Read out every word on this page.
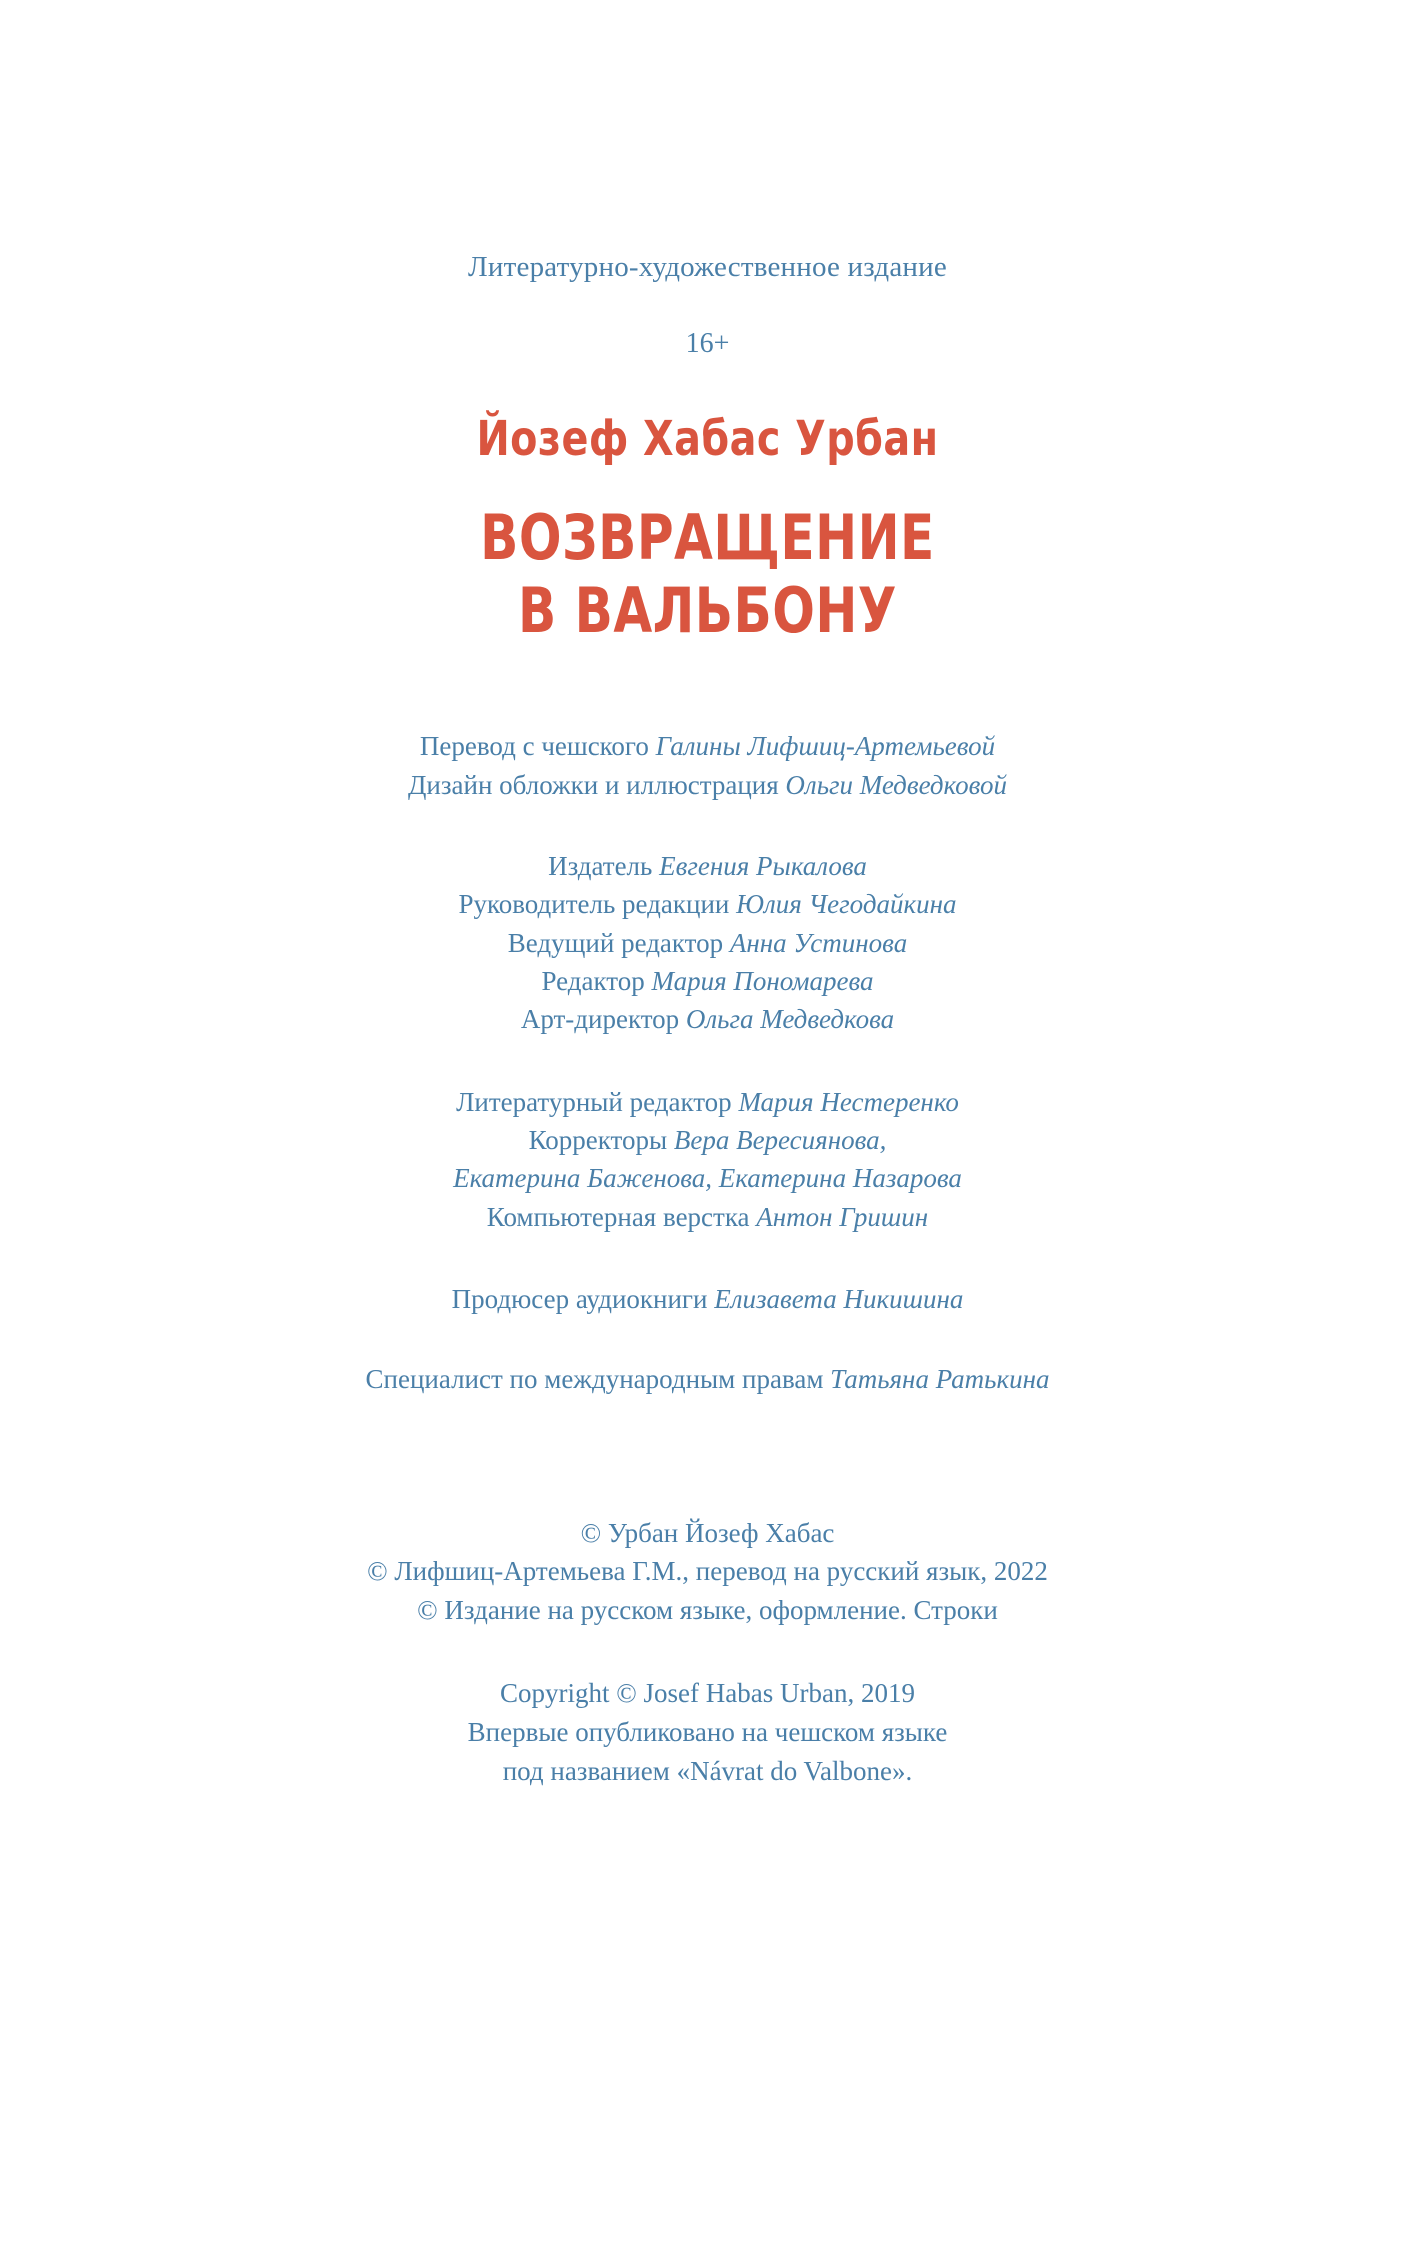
Литературно-художественное издание
16+
Йозеф Хабас Урбан
ВОЗВРАЩЕНИЕ
В ВАЛЬБОНУ
Перевод с чешского Галины Лифшиц-Артемьевой
Дизайн обложки и иллюстрация Ольги Медведковой
Издатель Евгения Рыкалова
Руководитель редакции Юлия Чегодайкина
Ведущий редактор Анна Устинова
Редактор Мария Пономарева
Арт-директор Ольга Медведкова
Литературный редактор Мария Нестеренко
Корректоры Вера Вересиянова,
Екатерина Баженова, Екатерина Назарова
Компьютерная верстка Антон Гришин
Продюсер аудиокниги Елизавета Никишина
Специалист по международным правам Татьяна Ратькина
© Урбан Йозеф Хабас
© Лифшиц-Артемьева Г.М., перевод на русский язык, 2022
© Издание на русском языке, оформление. Строки
Copyright © Josef Habas Urban, 2019
Впервые опубликовано на чешском языке
под названием «Návrat do Valbone».
